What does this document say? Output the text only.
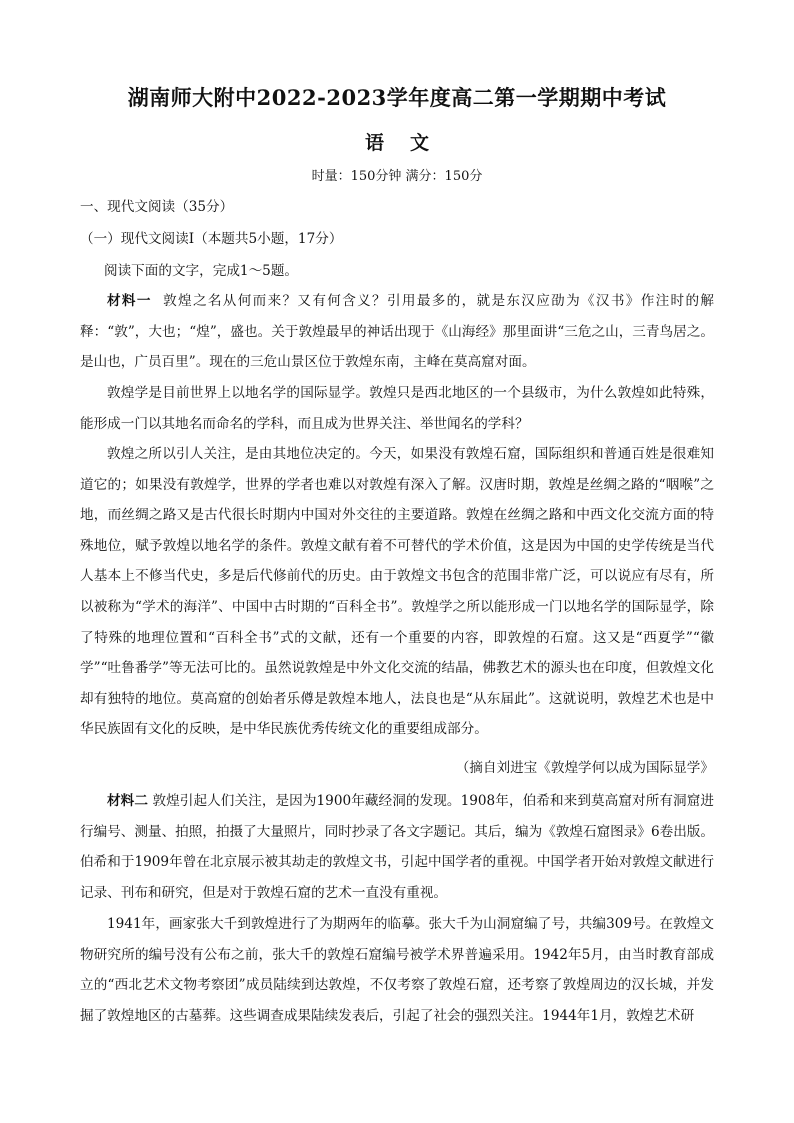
湖南师大附中2022-2023学年度高二第一学期期中考试
语文
时量：150分钟 满分：150分
一、现代文阅读（35分）
（一）现代文阅读Ⅰ（本题共5小题，17分）
阅读下面的文字，完成1～5题。

材料一 敦煌之名从何而来？又有何含义？引用最多的，就是东汉应劭为《汉书》作注时的解释：“敦”，大也；“煌”，盛也。关于敦煌最早的神话出现于《山海经》那里面讲“三危之山，三青鸟居之。是山也，广员百里”。现在的三危山景区位于敦煌东南，主峰在莫高窟对面。

敦煌学是目前世界上以地名学的国际显学。敦煌只是西北地区的一个县级市，为什么敦煌如此特殊，能形成一门以其地名而命名的学科，而且成为世界关注、举世闻名的学科？

敦煌之所以引人关注，是由其地位决定的。今天，如果没有敦煌石窟，国际组织和普通百姓是很难知道它的；如果没有敦煌学，世界的学者也难以对敦煌有深入了解。汉唐时期，敦煌是丝绸之路的“咽喉”之地，而丝绸之路又是古代很长时期内中国对外交往的主要道路。敦煌在丝绸之路和中西文化交流方面的特殊地位，赋予敦煌以地名学的条件。敦煌文献有着不可替代的学术价值，这是因为中国的史学传统是当代人基本上不修当代史，多是后代修前代的历史。由于敦煌文书包含的范围非常广泛，可以说应有尽有，所以被称为“学术的海洋”、中国中古时期的“百科全书”。敦煌学之所以能形成一门以地名学的国际显学，除了特殊的地理位置和“百科全书”式的文献，还有一个重要的内容，即敦煌的石窟。这又是“西夏学”“徽学”“吐鲁番学”等无法可比的。虽然说敦煌是中外文化交流的结晶，佛教艺术的源头也在印度，但敦煌文化却有独特的地位。莫高窟的创始者乐僔是敦煌本地人，法良也是“从东届此”。这就说明，敦煌艺术也是中华民族固有文化的反映，是中华民族优秀传统文化的重要组成部分。

（摘自刘进宝《敦煌学何以成为国际显学》

材料二 敦煌引起人们关注，是因为1900年藏经洞的发现。1908年，伯希和来到莫高窟对所有洞窟进行编号、测量、拍照，拍摄了大量照片，同时抄录了各文字题记。其后，编为《敦煌石窟图录》6卷出版。伯希和于1909年曾在北京展示被其劫走的敦煌文书，引起中国学者的重视。中国学者开始对敦煌文献进行记录、刊布和研究，但是对于敦煌石窟的艺术一直没有重视。

1941年，画家张大千到敦煌进行了为期两年的临摹。张大千为山洞窟编了号，共编309号。在敦煌文物研究所的编号没有公布之前，张大千的敦煌石窟编号被学术界普遍采用。1942年5月，由当时教育部成立的“西北艺术文物考察团”成员陆续到达敦煌，不仅考察了敦煌石窟，还考察了敦煌周边的汉长城，并发掘了敦煌地区的古墓葬。这些调查成果陆续发表后，引起了社会的强烈关注。1944年1月，敦煌艺术研
